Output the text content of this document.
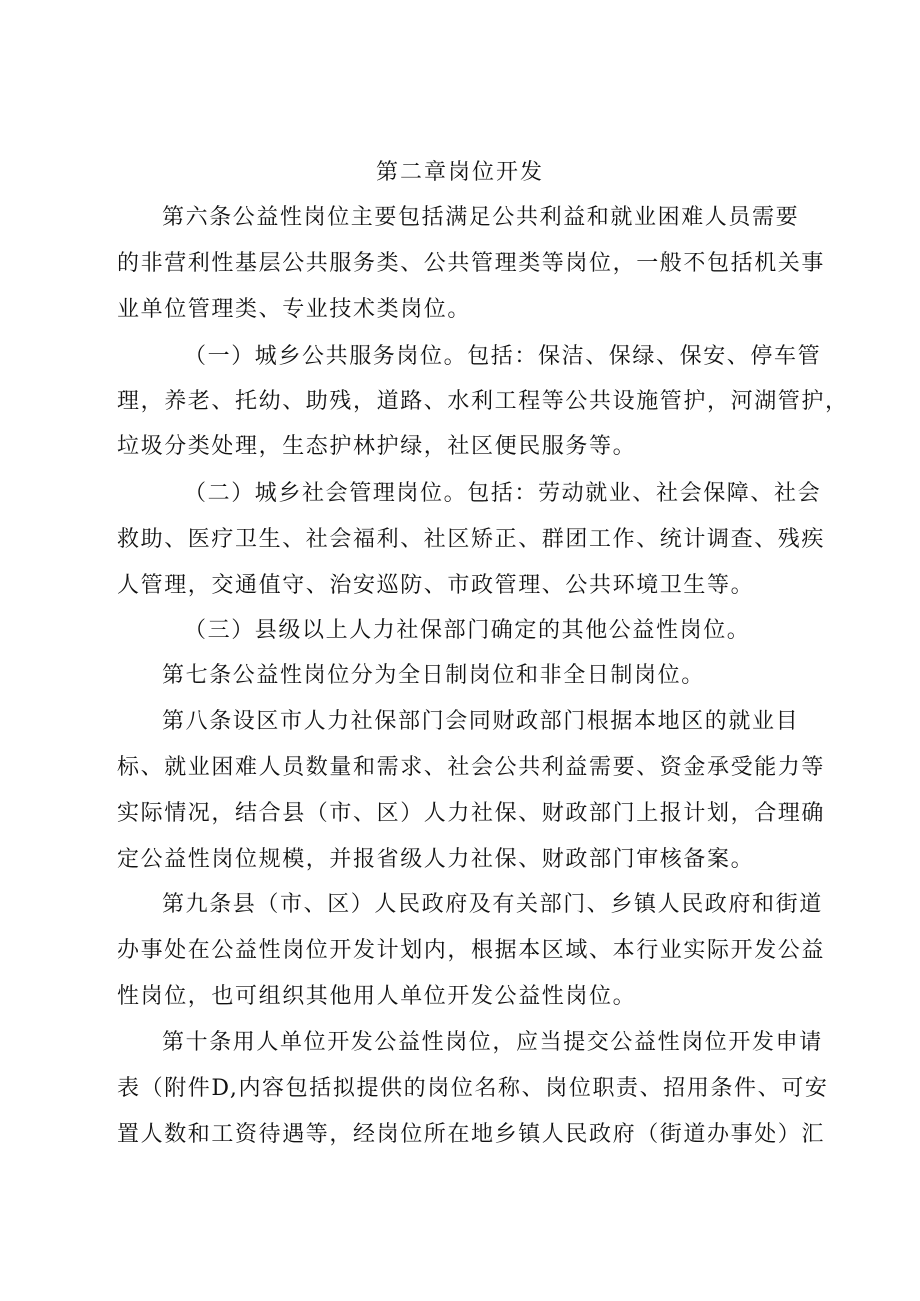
第二章岗位开发
第六条公益性岗位主要包括满足公共利益和就业困难人员需要
的非营利性基层公共服务类、公共管理类等岗位，一般不包括机关事
业单位管理类、专业技术类岗位。
（一）城乡公共服务岗位。包括：保洁、保绿、保安、停车管
理，养老、托幼、助残，道路、水利工程等公共设施管护，河湖管护，
垃圾分类处理，生态护林护绿，社区便民服务等。
（二）城乡社会管理岗位。包括：劳动就业、社会保障、社会
救助、医疗卫生、社会福利、社区矫正、群团工作、统计调查、残疾
人管理，交通值守、治安巡防、市政管理、公共环境卫生等。
（三）县级以上人力社保部门确定的其他公益性岗位。
第七条公益性岗位分为全日制岗位和非全日制岗位。
第八条设区市人力社保部门会同财政部门根据本地区的就业目
标、就业困难人员数量和需求、社会公共利益需要、资金承受能力等
实际情况，结合县（市、区）人力社保、财政部门上报计划，合理确
定公益性岗位规模，并报省级人力社保、财政部门审核备案。
第九条县（市、区）人民政府及有关部门、乡镇人民政府和街道
办事处在公益性岗位开发计划内，根据本区域、本行业实际开发公益
性岗位，也可组织其他用人单位开发公益性岗位。
第十条用人单位开发公益性岗位，应当提交公益性岗位开发申请
表（附件D,内容包括拟提供的岗位名称、岗位职责、招用条件、可安
置人数和工资待遇等，经岗位所在地乡镇人民政府（街道办事处）汇
